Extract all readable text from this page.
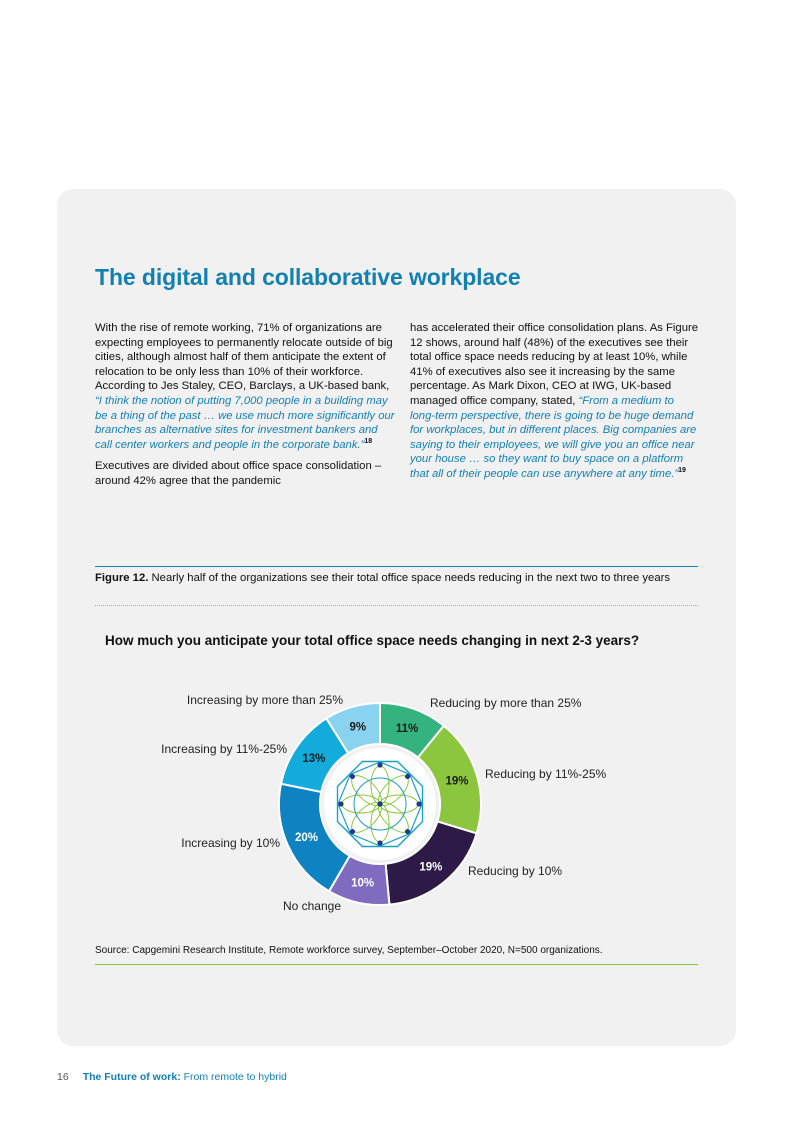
The digital and collaborative workplace

With the rise of remote working, 71% of organizations are expecting employees to permanently relocate outside of big cities, although almost half of them anticipate the extent of relocation to be only less than 10% of their workforce. According to Jes Staley, CEO, Barclays, a UK-based bank, “I think the notion of putting 7,000 people in a building may be a thing of the past … we use much more significantly our branches as alternative sites for investment bankers and call center workers and people in the corporate bank.”$^{18}$

Executives are divided about office space consolidation – around 42% agree that the pandemic

has accelerated their office consolidation plans. As Figure 12 shows, around half (48%) of the executives see their total office space needs reducing by at least 10%, while 41% of executives also see it increasing by the same percentage. As Mark Dixon, CEO at IWG, UK-based managed office company, stated, “From a medium to long-term perspective, there is going to be huge demand for workplaces, but in different places. Big companies are saying to their employees, we will give you an office near your house … so they want to buy space on a platform that all of their people can use anywhere at any time.”$^{19}$

Figure 12. Nearly half of the organizations see their total office space needs reducing in the next two to three years
How much you anticipate your total office space needs changing in next 2-3 years?
11%
Reducing by more than 25%
19%
Reducing by 11%-25%
19% Reducing by 10%
10%
No change
20%
Increasing by 10%
13%
Increasing by 11%-25%
9%
Increasing by more than 25%
Source: Capgemini Research Institute, Remote workforce survey, September–October 2020, N=500 organizations.
16 The Future of work: From remote to hybrid
